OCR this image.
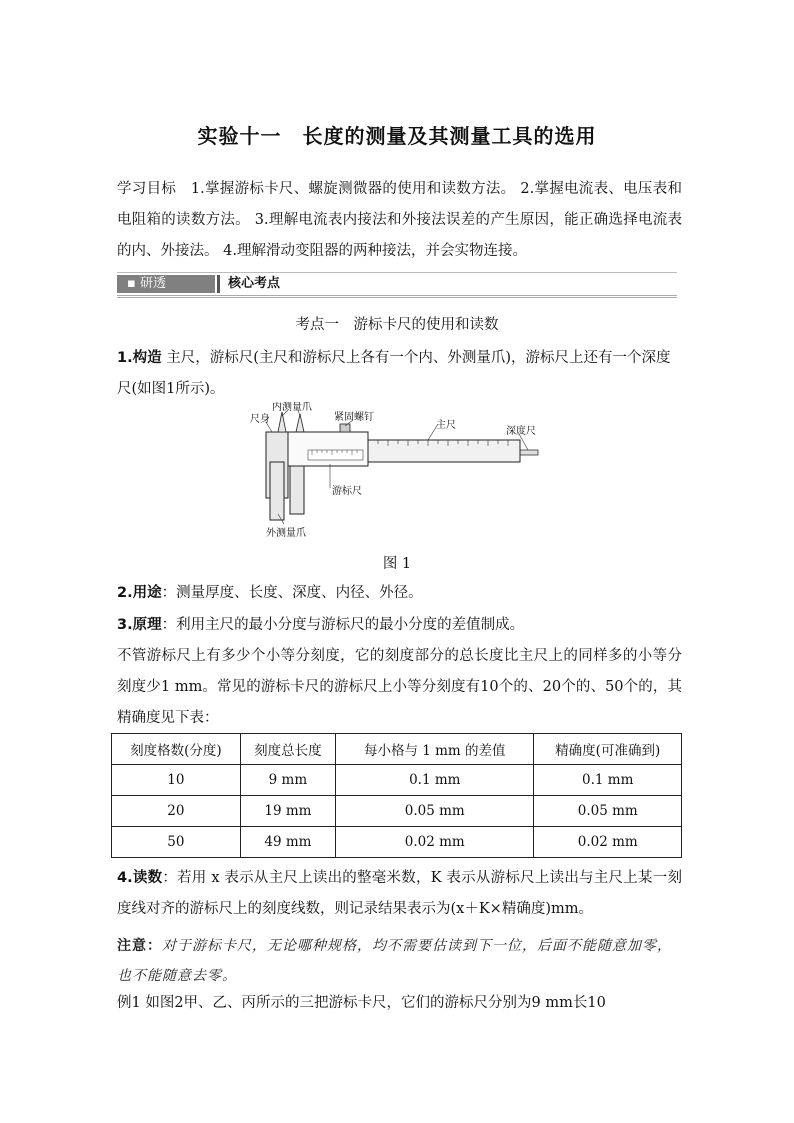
实验十一　长度的测量及其测量工具的选用
学习目标　1.掌握游标卡尺、螺旋测微器的使用和读数方法。 2.掌握电流表、电压表和电阻箱的读数方法。 3.理解电流表内接法和外接法误差的产生原因，能正确选择电流表的内、外接法。 4.理解滑动变阻器的两种接法，并会实物连接。
▪ 研透	核心考点
考点一　游标卡尺的使用和读数
1.构造 主尺，游标尺(主尺和游标尺上各有一个内、外测量爪)，游标尺上还有一个深度尺(如图1所示)。
内测量爪
尺身	紧固螺钉
主尺
深度尺
游标尺
外测量爪
图 1
2.用途：测量厚度、长度、深度、内径、外径。
3.原理：利用主尺的最小分度与游标尺的最小分度的差值制成。
不管游标尺上有多少个小等分刻度，它的刻度部分的总长度比主尺上的同样多的小等分刻度少1 mm。常见的游标卡尺的游标尺上小等分刻度有10个的、20个的、50个的，其精确度见下表：
刻度格数(分度)	刻度总长度	每小格与 1 mm 的差值	精确度(可准确到)
10	9 mm	0.1 mm	0.1 mm
20	19 mm	0.05 mm	0.05 mm
50	49 mm	0.02 mm	0.02 mm
4.读数：若用 x 表示从主尺上读出的整毫米数，K 表示从游标尺上读出与主尺上某一刻度线对齐的游标尺上的刻度线数，则记录结果表示为(x＋K×精确度)mm。
注意：对于游标卡尺，无论哪种规格，均不需要估读到下一位，后面不能随意加零，也不能随意去零。
例1 如图2甲、乙、丙所示的三把游标卡尺，它们的游标尺分别为9 mm长10
